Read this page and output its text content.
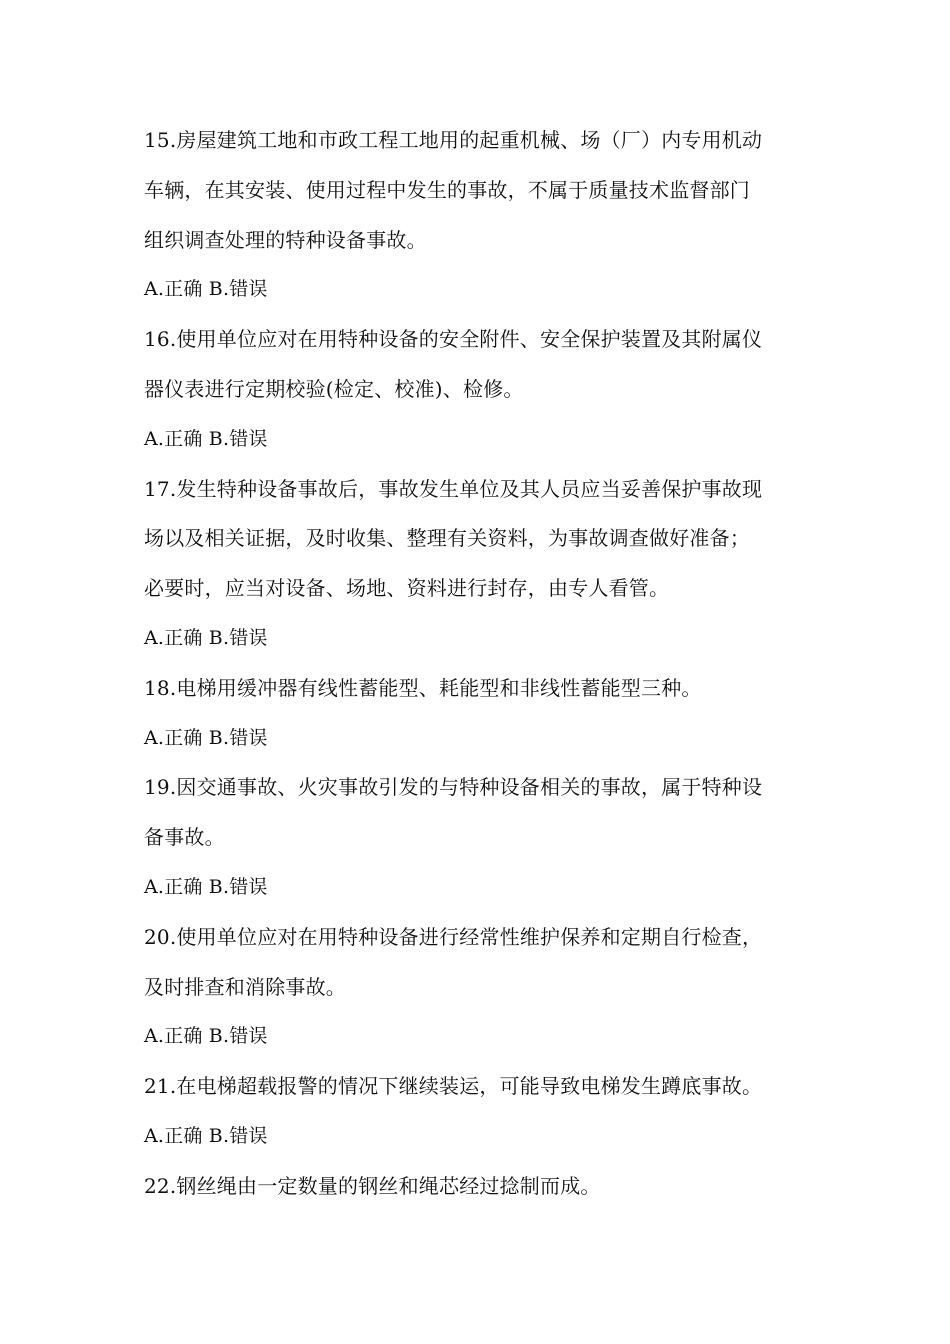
15.房屋建筑工地和市政工程工地用的起重机械、场（厂）内专用机动
车辆，在其安装、使用过程中发生的事故，不属于质量技术监督部门
组织调查处理的特种设备事故。
A.正确 B.错误
16.使用单位应对在用特种设备的安全附件、安全保护装置及其附属仪
器仪表进行定期校验(检定、校准)、检修。
A.正确 B.错误
17.发生特种设备事故后，事故发生单位及其人员应当妥善保护事故现
场以及相关证据，及时收集、整理有关资料，为事故调查做好准备；
必要时，应当对设备、场地、资料进行封存，由专人看管。
A.正确 B.错误
18.电梯用缓冲器有线性蓄能型、耗能型和非线性蓄能型三种。
A.正确 B.错误
19.因交通事故、火灾事故引发的与特种设备相关的事故，属于特种设
备事故。
A.正确 B.错误
20.使用单位应对在用特种设备进行经常性维护保养和定期自行检查，
及时排查和消除事故。
A.正确 B.错误
21.在电梯超载报警的情况下继续装运，可能导致电梯发生蹲底事故。
A.正确 B.错误
22.钢丝绳由一定数量的钢丝和绳芯经过捻制而成。
